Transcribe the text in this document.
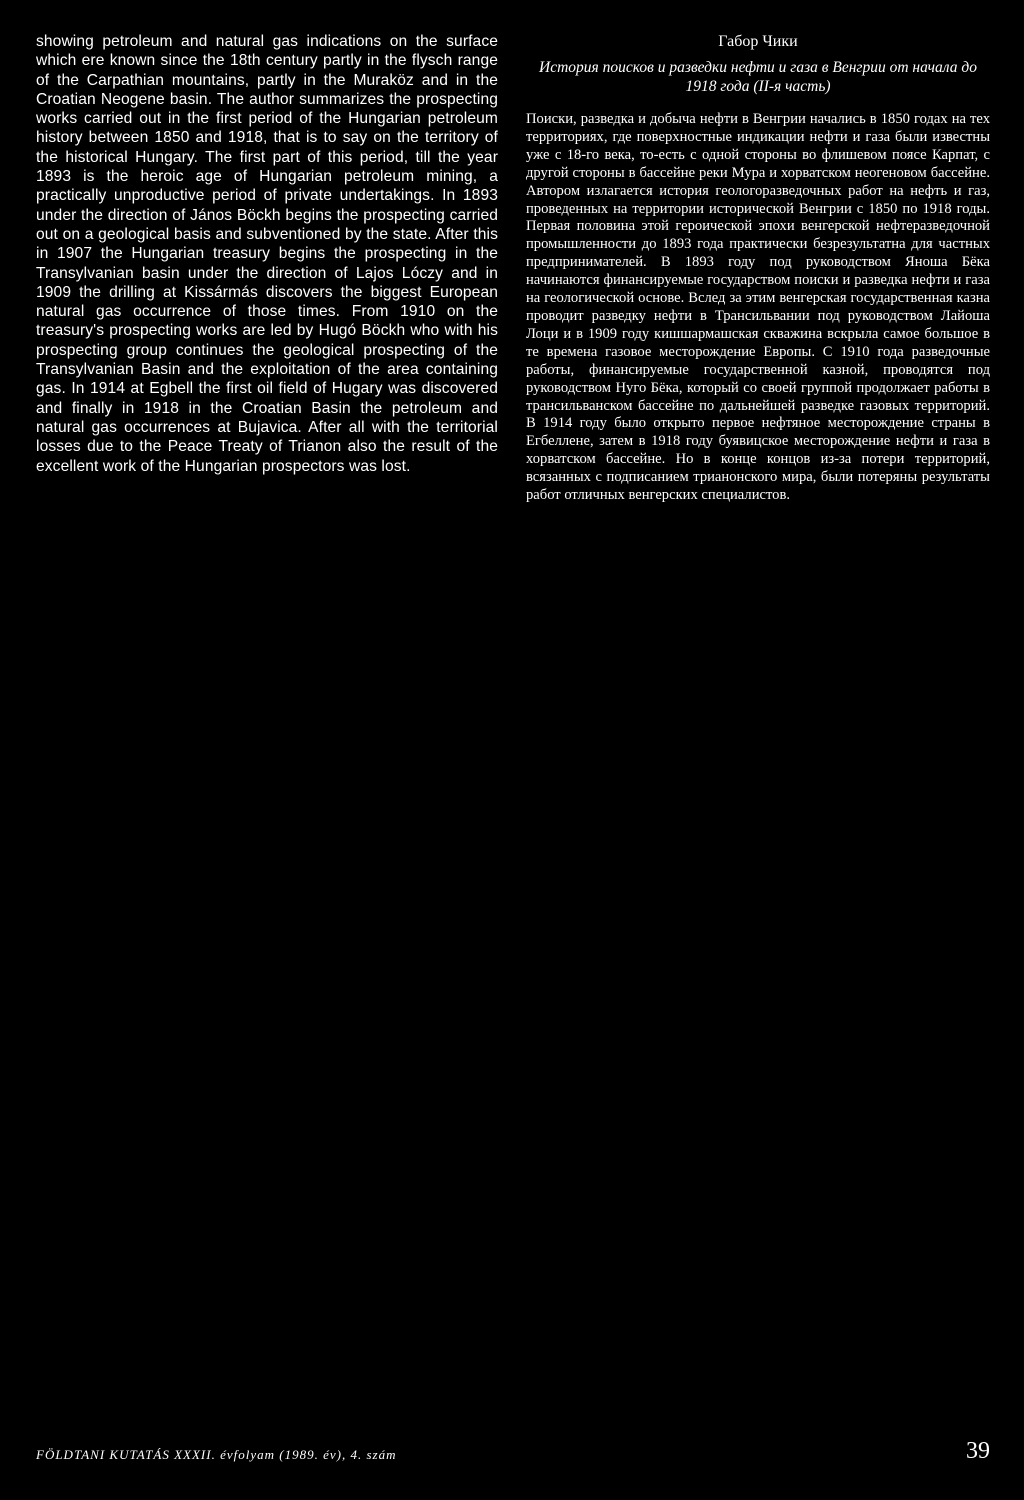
showing petroleum and natural gas indications on the surface which ere known since the 18th century partly in the flysch range of the Carpathian mountains, partly in the Muraköz and in the Croatian Neogene basin. The author summarizes the prospecting works carried out in the first period of the Hungarian petroleum history between 1850 and 1918, that is to say on the territory of the historical Hungary. The first part of this period, till the year 1893 is the heroic age of Hungarian petroleum mining, a practically unproductive period of private undertakings. In 1893 under the direction of János Böckh begins the prospecting carried out on a geological basis and subventioned by the state. After this in 1907 the Hungarian treasury begins the prospecting in the Transylvanian basin under the direction of Lajos Lóczy and in 1909 the drilling at Kissármás discovers the biggest European natural gas occurrence of those times. From 1910 on the treasury's prospecting works are led by Hugó Böckh who with his prospecting group continues the geological prospecting of the Transylvanian Basin and the exploitation of the area containing gas. In 1914 at Egbell the first oil field of Hugary was discovered and finally in 1918 in the Croatian Basin the petroleum and natural gas occurrences at Bujavica. After all with the territorial losses due to the Peace Treaty of Trianon also the result of the excellent work of the Hungarian prospectors was lost.

Габор Чики

История поисков и разведки нефти и газа в Венгрии от начала до 1918 года (II-я часть)

Поиски, разведка и добыча нефти в Венгрии начались в 1850 годах на тех территориях, где поверхностные индикации нефти и газа были известны уже с 18-го века, то-есть с одной стороны во флишевом поясе Карпат, с другой стороны в бассейне реки Мура и хорватском неогеновом бассейне. Автором излагается история геологоразведочных работ на нефть и газ, проведенных на территории исторической Венгрии с 1850 по 1918 годы. Первая половина этой героической эпохи венгерской нефтеразведочной промышленности до 1893 года практически безрезультатна для частных предпринимателей. В 1893 году под руководством Яноша Бёка начинаются финансируемые государством поиски и разведка нефти и газа на геологической основе. Вслед за этим венгерская государственная казна проводит разведку нефти в Трансильвании под руководством Лайоша Лоци и в 1909 году кишшармашская скважина вскрыла самое большое в те времена газовое месторождение Европы. С 1910 года разведочные работы, финансируемые государственной казной, проводятся под руководством Нуго Бёка, который со своей группой продолжает работы в трансильванском бассейне по дальнейшей разведке газовых территорий. В 1914 году было открыто первое нефтяное месторождение страны в Егбеллене, затем в 1918 году буявицское месторождение нефти и газа в хорватском бассейне. Но в конце концов из-за потери территорий, всязанных с подписанием трианонского мира, были потеряны результаты работ отличных венгерских специалистов.

FÖLDTANI KUTATÁS XXXII. évfolyam (1989. év), 4. szám	39
